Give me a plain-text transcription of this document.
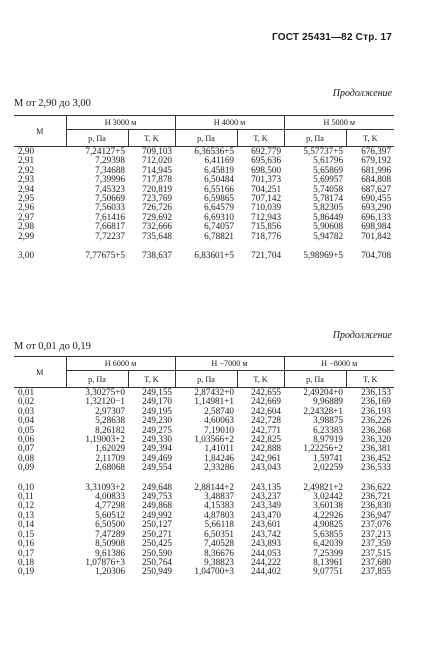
ГОСТ 25431—82 Стр. 17
Продолжение
M от 2,90 до 3,00
M	H 3000 м		H 4000 м		H 5000 м	
	p, Па	T, K	p, Па	T, K	p, Па	T, K
2,90	7,24127+5	709,103	6,36536+5	692,779	5,57737+5	676,397
2,91	7,29398	712,020	6,41169	695,636	5,61796	679,192
2,92	7,34688	714,945	6,45819	698,500	5,65869	681,996
2,93	7,39996	717,878	6,50484	701,373	5,69957	684,808
2,94	7,45323	720,819	6,55166	704,251	5,74058	687,627
2,95	7,50669	723,769	6,59865	707,142	5,78174	690,455
2,96	7,56033	726,726	6,64579	710,039	5,82305	693,290
2,97	7,61416	729,692	6,69310	712,943	5,86449	696,133
2,98	7,66817	732,666	6,74057	715,856	5,90608	698,984
2,99	7,72237	735,648	6,78821	718,776	5,94782	701,842

3,00	7,77675+5	738,637	6,83601+5	721,704	5,98969+5	704,708
Продолжение
M от 0,01 до 0,19
M	H 6000 м		H −7000 м		H −8000 м	
	p, Па	T, K	p, Па	T, K	p, Па	T, K
0,01	3,30275+0	249,155	2,87432+0	242,655	2,49204+0	236,153
0,02	1,32120−1	249,170	1,14981+1	242,669	9,96889	236,169
0,03	2,97307	249,195	2,58740	242,604	2,24328+1	236,193
0,04	5,28638	249,230	4,60063	242,728	3,98875	236,226
0,05	8,26182	249,275	7,19010	242,771	6,23383	236,268
0,06	1,19003+2	249,330	1,03566+2	242,825	8,97919	236,320
0,07	1,62029	249,394	1,41011	242,888	1,22256+2	236,381
0,08	2,11709	249,469	1,84246	242,961	1,59741	236,452
0,09	2,68068	249,554	2,33286	243,043	2,02259	236,533

0,10	3,31093+2	249,648	2,88144+2	243,135	2,49821+2	236,622
0,11	4,00833	249,753	3,48837	243,237	3,02442	236,721
0,12	4,77298	249,868	4,15383	243,349	3,60138	236,830
0,13	5,60512	249,992	4,87803	243,470	4,22926	236,947
0,14	6,50500	250,127	5,66118	243,601	4,90825	237,076
0,15	7,47289	250,271	6,50351	243,742	5,63855	237,213
0,16	8,50908	250,425	7,40528	243,893	6,42039	237,359
0,17	9,61386	250,590	8,36676	244,053	7,25399	237,515
0,18	1,07876+3	250,764	9,38823	244,222	8,13961	237,680
0,19	1,20306	250,949	1,04700+3	244,402	9,07751	237,855
